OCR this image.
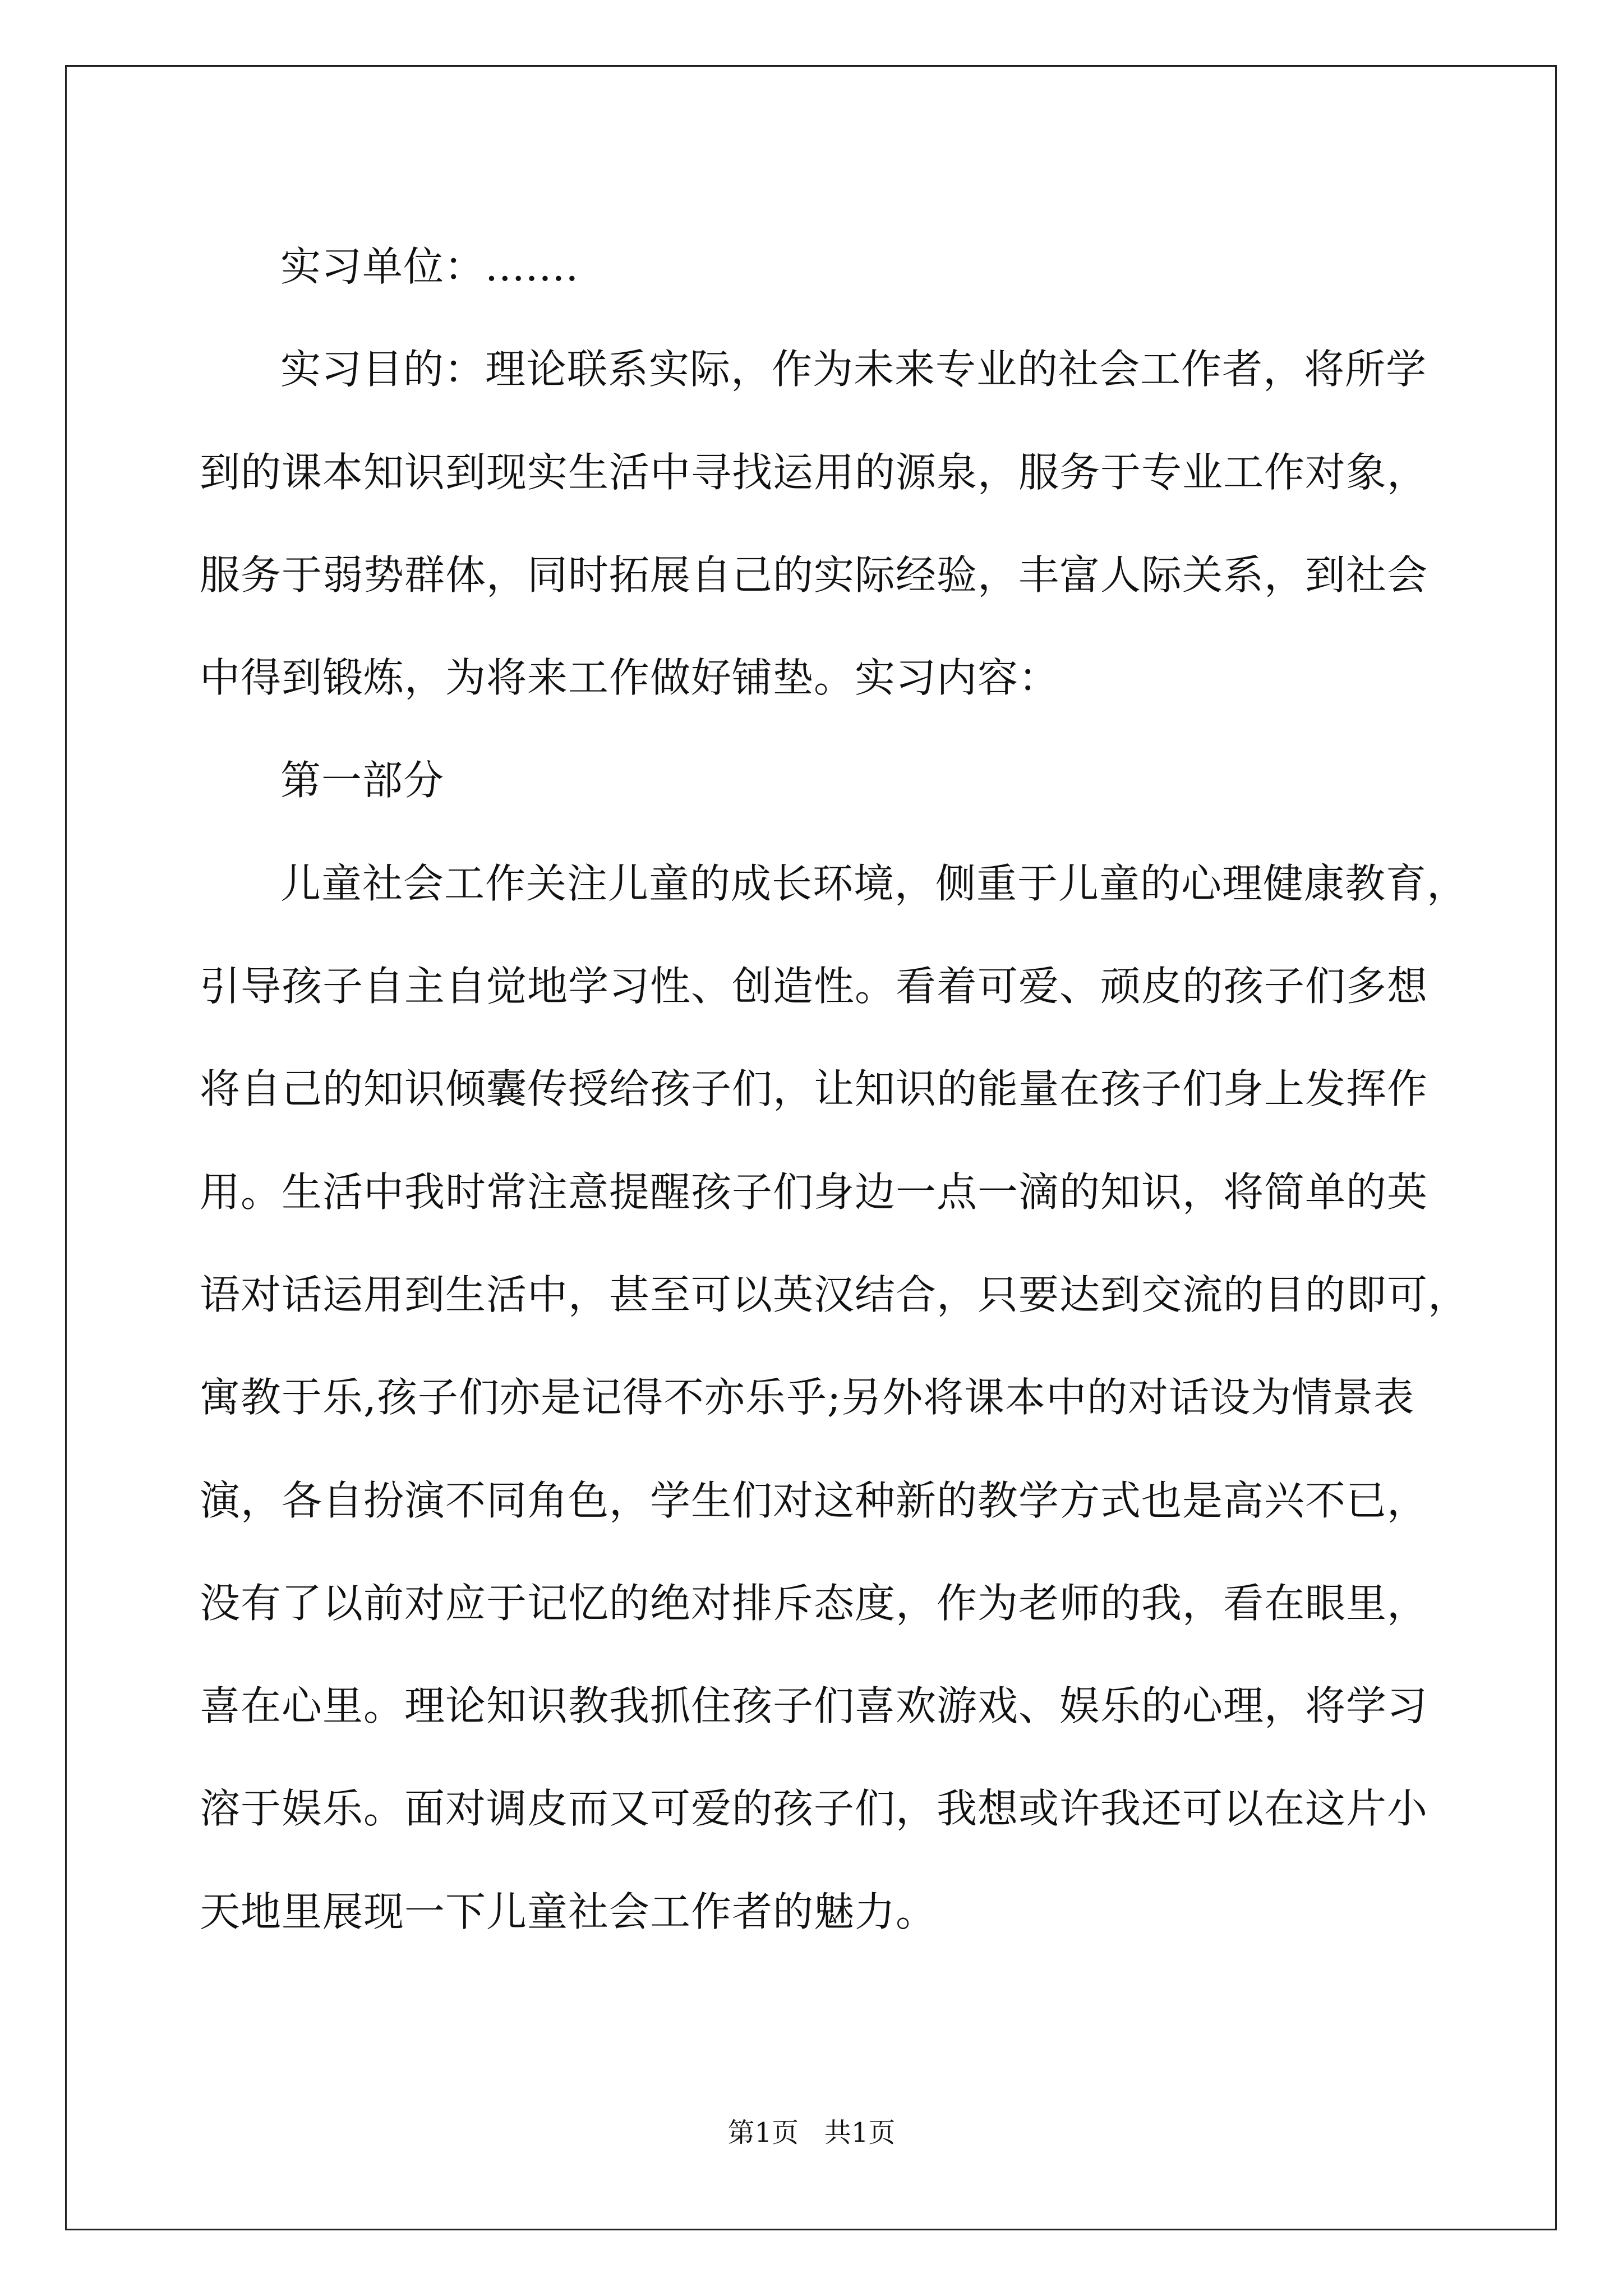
实习单位：.......

实习目的：理论联系实际，作为未来专业的社会工作者，将所学
到的课本知识到现实生活中寻找运用的源泉，服务于专业工作对象，
服务于弱势群体，同时拓展自己的实际经验，丰富人际关系，到社会
中得到锻炼，为将来工作做好铺垫。实习内容：

第一部分

儿童社会工作关注儿童的成长环境，侧重于儿童的心理健康教育，
引导孩子自主自觉地学习性、创造性。看着可爱、顽皮的孩子们多想
将自己的知识倾囊传授给孩子们，让知识的能量在孩子们身上发挥作
用。生活中我时常注意提醒孩子们身边一点一滴的知识，将简单的英
语对话运用到生活中，甚至可以英汉结合，只要达到交流的目的即可，
寓教于乐,孩子们亦是记得不亦乐乎;另外将课本中的对话设为情景表
演，各自扮演不同角色，学生们对这种新的教学方式也是高兴不已，
没有了以前对应于记忆的绝对排斥态度，作为老师的我，看在眼里，
喜在心里。理论知识教我抓住孩子们喜欢游戏、娱乐的心理，将学习
溶于娱乐。面对调皮而又可爱的孩子们，我想或许我还可以在这片小
天地里展现一下儿童社会工作者的魅力。

第1页   共1页
